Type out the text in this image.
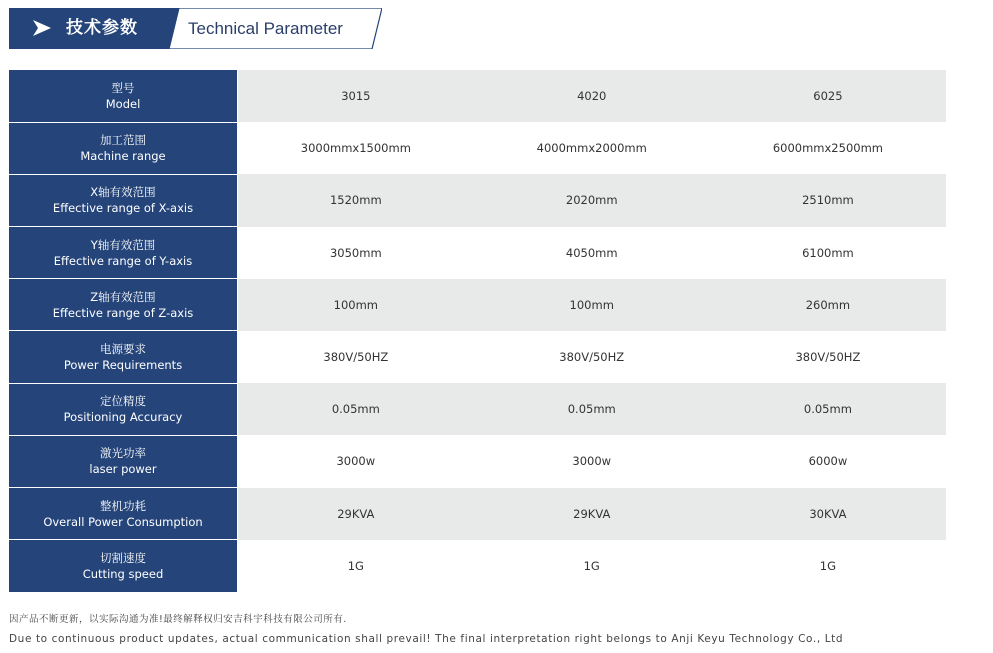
技术参数	Technical Parameter
型号
Model	3015	4020	6025

加工范围
Machine range	3000mmx1500mm	4000mmx2000mm	6000mmx2500mm

X轴有效范围
Effective range of X-axis	1520mm	2020mm	2510mm

Y轴有效范围
Effective range of Y-axis	3050mm	4050mm	6100mm

Z轴有效范围
Effective range of Z-axis	100mm	100mm	260mm

电源要求
Power Requirements	380V/50HZ	380V/50HZ	380V/50HZ

定位精度
Positioning Accuracy	0.05mm	0.05mm	0.05mm

激光功率
laser power	3000w	3000w	6000w

整机功耗
Overall Power Consumption	29KVA	29KVA	30KVA

切割速度
Cutting speed	1G	1G	1G
因产品不断更新，以实际沟通为准!最终解释权归安吉科宇科技有限公司所有.
Due to continuous product updates, actual communication shall prevail! The final interpretation right belongs to Anji Keyu Technology Co., Ltd
